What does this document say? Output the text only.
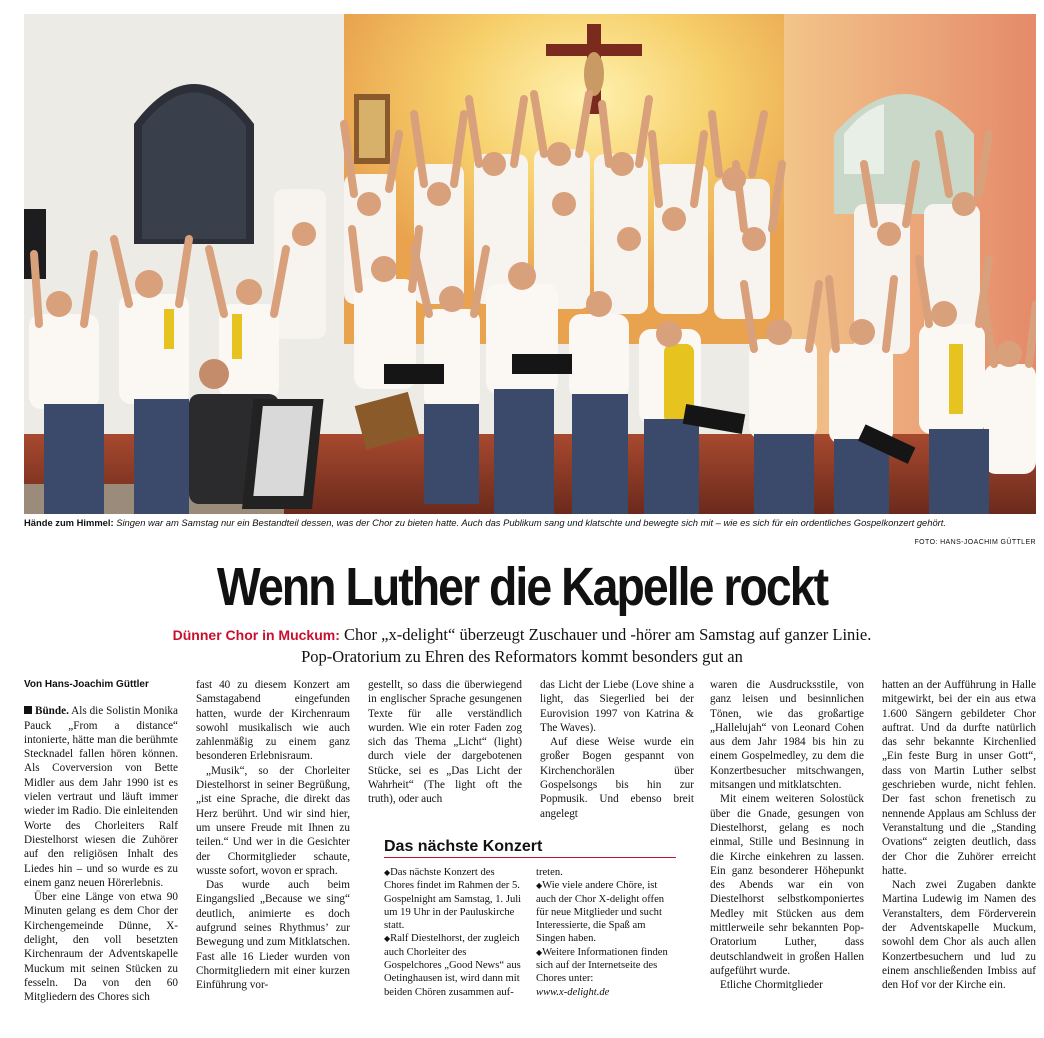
Hände zum Himmel: Singen war am Samstag nur ein Bestandteil dessen, was der Chor zu bieten hatte. Auch das Publikum sang und klatschte und bewegte sich mit – wie es sich für ein ordentliches Gospelkonzert gehört.
FOTO: HANS-JOACHIM GÜTTLER
Wenn Luther die Kapelle rockt
Dünner Chor in Muckum: Chor „x-delight“ überzeugt Zuschauer und -hörer am Samstag auf ganzer Linie.
Pop-Oratorium zu Ehren des Reformators kommt besonders gut an
Von Hans-Joachim Güttler

Bünde. Als die Solistin Monika Pauck „From a distance“ intonierte, hätte man die berühmte Stecknadel fallen hören können. Als Coverversion von Bette Midler aus dem Jahr 1990 ist es vielen vertraut und läuft immer wieder im Radio. Die einleitenden Worte des Chorleiters Ralf Diestelhorst wiesen die Zuhörer auf den religiösen Inhalt des Liedes hin – und so wurde es zu einem ganz neuen Hörerlebnis.

Über eine Länge von etwa 90 Minuten gelang es dem Chor der Kirchengemeinde Dünne, X-delight, den voll besetzten Kirchenraum der Adventskapelle Muckum mit seinen Stücken zu fesseln. Da von den 60 Mitgliedern des Chores sich

fast 40 zu diesem Konzert am Samstagabend eingefunden hatten, wurde der Kirchenraum sowohl musikalisch wie auch zahlenmäßig zu einem ganz besonderen Erlebnisraum.

„Musik“, so der Chorleiter Diestelhorst in seiner Begrüßung, „ist eine Sprache, die direkt das Herz berührt. Und wir sind hier, um unsere Freude mit Ihnen zu teilen.“ Und wer in die Gesichter der Chormitglieder schaute, wusste sofort, wovon er sprach.

Das wurde auch beim Eingangslied „Because we sing“ deutlich, animierte es doch aufgrund seines Rhythmus’ zur Bewegung und zum Mitklatschen. Fast alle 16 Lieder wurden von Chormitgliedern mit einer kurzen Einführung vor-

gestellt, so dass die überwiegend in englischer Sprache gesungenen Texte für alle verständlich wurden. Wie ein roter Faden zog sich das Thema „Licht“ (light) durch viele der dargebotenen Stücke, sei es „Das Licht der Wahrheit“ (The light oft the truth), oder auch

das Licht der Liebe (Love shine a light, das Siegerlied bei der Eurovision 1997 von Katrina & The Waves).

Auf diese Weise wurde ein großer Bogen gespannt von Kirchenchorälen über Gospelsongs bis hin zur Popmusik. Und ebenso breit angelegt

Das nächste Konzert

◆ Das nächste Konzert des Chores findet im Rahmen der 5. Gospelnight am Samstag, 1. Juli um 19 Uhr in der Pauluskirche statt.

◆ Ralf Diestelhorst, der zugleich auch Chorleiter des Gospelchores „Good News“ aus Oetinghausen ist, wird dann mit beiden Chören zusammen auf-

treten.

◆ Wie viele andere Chöre, ist auch der Chor X-delight offen für neue Mitglieder und sucht Interessierte, die Spaß am Singen haben.

◆ Weitere Informationen finden sich auf der Internetseite des Chores unter:

www.x-delight.de

waren die Ausdrucksstile, von ganz leisen und besinnlichen Tönen, wie das großartige „Hallelujah“ von Leonard Cohen aus dem Jahr 1984 bis hin zu einem Gospelmedley, zu dem die Konzertbesucher mitschwangen, mitsangen und mitklatschten.

Mit einem weiteren Solostück über die Gnade, gesungen von Diestelhorst, gelang es noch einmal, Stille und Besinnung in die Kirche einkehren zu lassen. Ein ganz besonderer Höhepunkt des Abends war ein von Diestelhorst selbstkomponiertes Medley mit Stücken aus dem mittlerweile sehr bekannten Pop-Oratorium Luther, dass deutschlandweit in großen Hallen aufgeführt wurde.

Etliche Chormitglieder

hatten an der Aufführung in Halle mitgewirkt, bei der ein aus etwa 1.600 Sängern gebildeter Chor auftrat. Und da durfte natürlich das sehr bekannte Kirchenlied „Ein feste Burg in unser Gott“, dass von Martin Luther selbst geschrieben wurde, nicht fehlen. Der fast schon frenetisch zu nennende Applaus am Schluss der Veranstaltung und die „Standing Ovations“ zeigten deutlich, dass der Chor die Zuhörer erreicht hatte.

Nach zwei Zugaben dankte Martina Ludewig im Namen des Veranstalters, dem Förderverein der Adventskapelle Muckum, sowohl dem Chor als auch allen Konzertbesuchern und lud zu einem anschließenden Imbiss auf den Hof vor der Kirche ein.
